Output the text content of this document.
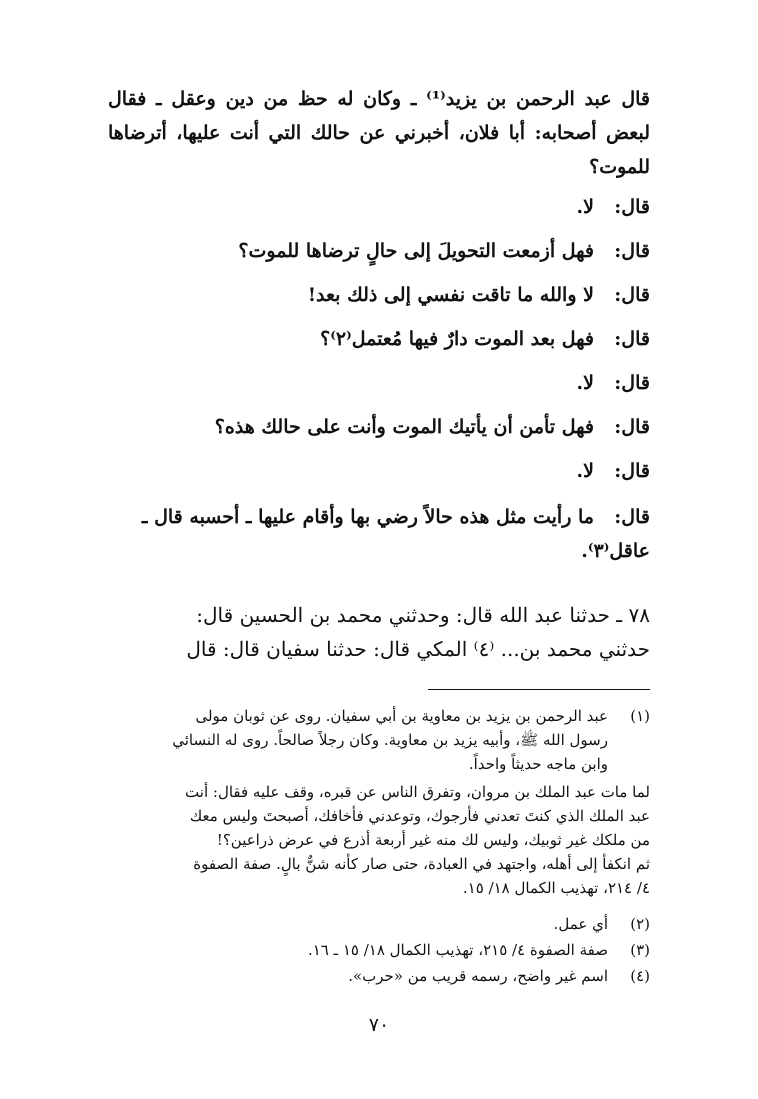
قال عبد الرحمن بن يزيد⁽¹⁾ ـ وكان له حظ من دين وعقل ـ فقال لبعض أصحابه: أبا فلان، أخبرني عن حالك التي أنت عليها، أترضاها للموت؟

قال: لا.
قال: فهل أزمعت التحويلَ إلى حالٍ ترضاها للموت؟
قال: لا والله ما تاقت نفسي إلى ذلك بعد!
قال: فهل بعد الموت دارٌ فيها مُعتمل⁽٢⁾؟
قال: لا.
قال: فهل تأمن أن يأتيك الموت وأنت على حالك هذه؟
قال: لا.
قال: ما رأيت مثل هذه حالاً رضي بها وأقام عليها ـ أحسبه قال ـ
عاقل⁽٣⁾.

٧٨ ـ حدثنا عبد الله قال: وحدثني محمد بن الحسين قال:

حدثني محمد بن... ⁽٤⁾ المكي قال: حدثنا سفيان قال: قال

(١)
عبد الرحمن بن يزيد بن معاوية بن أبي سفيان. روى عن ثوبان مولى
رسول الله ﷺ، وأبيه يزيد بن معاوية. وكان رجلاً صالحاً. روى له النسائي
وابن ماجه حديثاً واحداً.
لما مات عبد الملك بن مروان، وتفرق الناس عن قبره، وقف عليه فقال: أنت
عبد الملك الذي كنتَ تعدني فأرجوك، وتوعدني فأخافك، أصبحتَ وليس معك
من ملكك غير ثوبيك، وليس لك منه غير أربعة أذرع في عرض ذراعين؟!
ثم انكفأ إلى أهله، واجتهد في العبادة، حتى صار كأنه شنٌّ بالٍ. صفة الصفوة
٤/ ٢١٤، تهذيب الكمال ١٨/ ١٥.
(٢)
أي عمل.
(٣)
صفة الصفوة ٤/ ٢١٥، تهذيب الكمال ١٨/ ١٥ ـ ١٦.
(٤)
اسم غير واضح، رسمه قريب من «حرب».
٧٠
